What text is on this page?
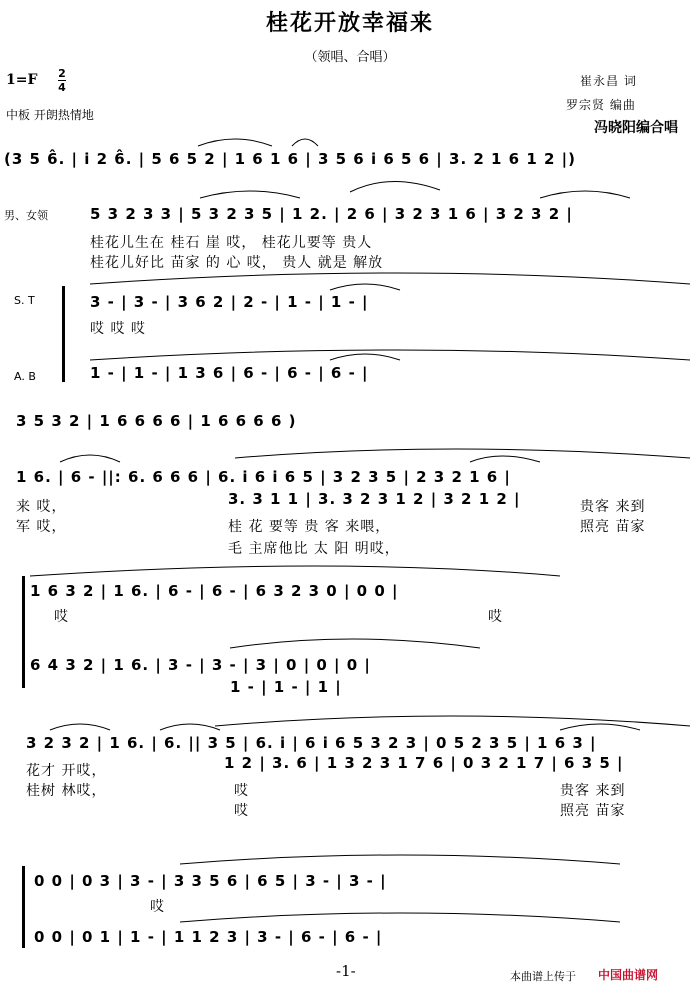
桂花开放幸福来
（领唱、合唱）
1=F 2
4
中板 开朗热情地
崔永昌 词
罗宗贤 编曲
冯晓阳编合唱
(3 5 6̂. | i 2 6̂. | 5 6 5 2 | 1 6 1 6 | 3 5 6 i 6 5 6 | 3. 2 1 6 1 2 |)
男、女领	5 3 2 3 3 | 5 3 2 3 5 | 1 2. | 2 6 | 3 2 3 1 6 | 3 2 3 2 |
桂花儿生在 桂石 崖 哎， 桂花儿要等 贵人
桂花儿好比 苗家 的 心 哎， 贵人 就是 解放
S. T	3 - | 3 - | 3 6 2 | 2 - | 1 - | 1 - |
哎 哎 哎
A. B	1 - | 1 - | 1 3 6 | 6 - | 6 - | 6 - |
3 5 3 2 | 1 6 6 6 6 | 1 6 6 6 6 )
1 6. | 6 - ||: 6. 6 6 6 | 6. i 6 i 6 5 | 3 2 3 5 | 2 3 2 1 6 |
3. 3 1 1 | 3. 3 2 3 1 2 | 3 2 1 2 |
来 哎，
军 哎，	桂 花 要等 贵 客 来喂，
毛 主席他比 太 阳 明哎，
贵客 来到
照亮 苗家
1 6 3 2 | 1 6. | 6 - | 6 - | 6 3 2 3 0 | 0 0 |
哎	哎
6 4 3 2 | 1 6. | 3 - | 3 - | 3 | 0 | 0 | 0 |
1 - | 1 - | 1 |
3 2 3 2 | 1 6. | 6. || 3 5 | 6. i | 6 i 6 5 3 2 3 | 0 5 2 3 5 | 1 6 3 |
1 2 | 3. 6 | 1 3 2 3 1 7 6 | 0 3 2 1 7 | 6 3 5 |
花才 开哎，
桂树 林哎，	哎
哎
贵客 来到
照亮 苗家
0 0 | 0 3 | 3 - | 3 3 5 6 | 6 5 | 3 - | 3 - |
哎
0 0 | 0 1 | 1 - | 1 1 2 3 | 3 - | 6 - | 6 - |
-1-	本曲谱上传于 中国曲谱网
